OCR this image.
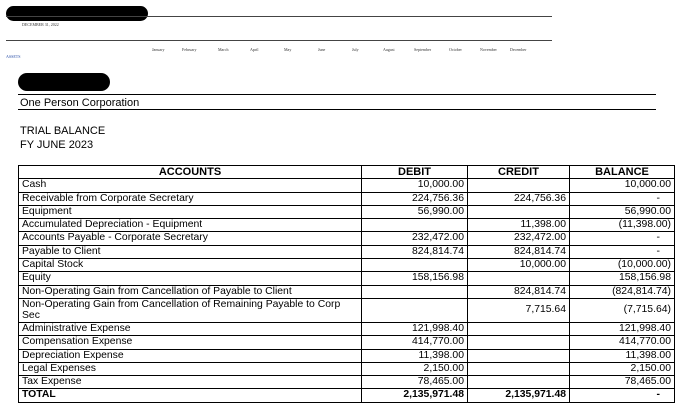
DECEMBER 31, 2022
ASSETS
January	February	March	April	May	June	July	August	September	October	November	December
One Person Corporation
TRIAL BALANCE
FY JUNE 2023
ACCOUNTS	DEBIT	CREDIT	BALANCE
Cash	10,000.00		10,000.00
Receivable from Corporate Secretary	224,756.36	224,756.36	-
Equipment	56,990.00		56,990.00
Accumulated Depreciation - Equipment		11,398.00	(11,398.00)
Accounts Payable - Corporate Secretary	232,472.00	232,472.00	-
Payable to Client	824,814.74	824,814.74	-
Capital Stock		10,000.00	(10,000.00)
Equity	158,156.98		158,156.98
Non-Operating Gain from Cancellation of Payable to Client		824,814.74	(824,814.74)
Non-Operating Gain from Cancellation of Remaining Payable to Corp Sec		7,715.64	(7,715.64)
Administrative Expense	121,998.40		121,998.40
Compensation Expense	414,770.00		414,770.00
Depreciation Expense	11,398.00		11,398.00
Legal Expenses	2,150.00		2,150.00
Tax Expense	78,465.00		78,465.00
TOTAL	2,135,971.48	2,135,971.48	-
